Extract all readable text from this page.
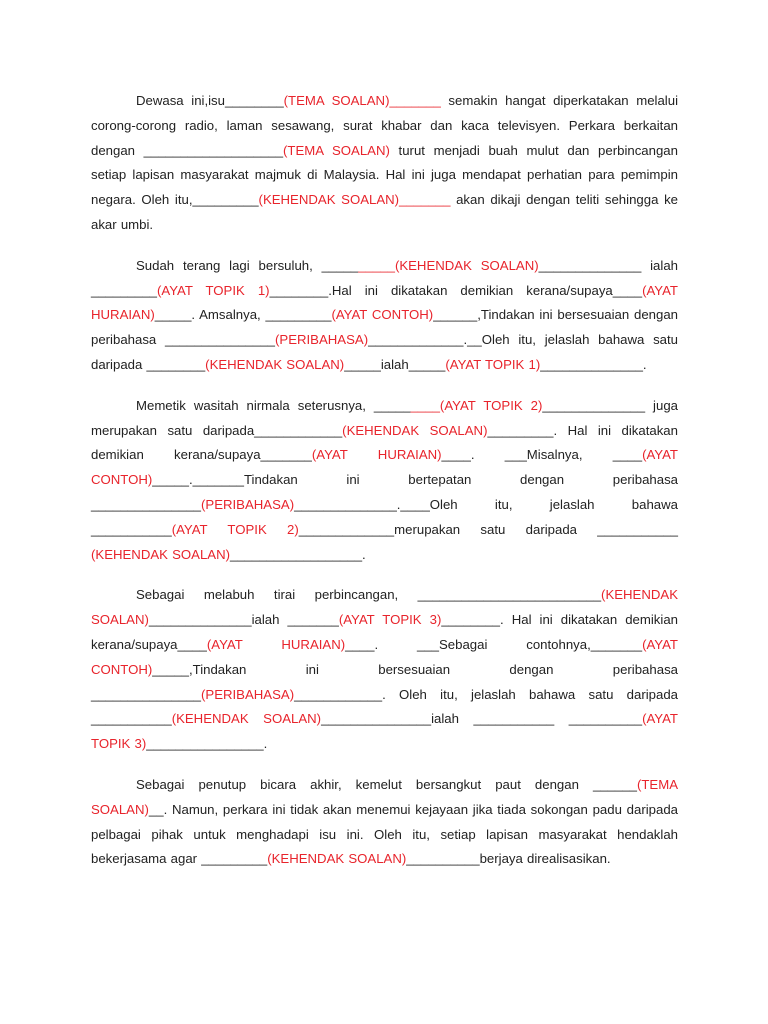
Dewasa ini,isu________(TEMA SOALAN)_______ semakin hangat diperkatakan melalui corong-corong radio, laman sesawang, surat khabar dan kaca televisyen. Perkara berkaitan dengan ___________________(TEMA SOALAN) turut menjadi buah mulut dan perbincangan setiap lapisan masyarakat majmuk di Malaysia. Hal ini juga mendapat perhatian para pemimpin negara. Oleh itu,_________(KEHENDAK SOALAN)_______ akan dikaji dengan teliti sehingga ke akar umbi.

Sudah terang lagi bersuluh, __________(KEHENDAK SOALAN)______________ ialah _________(AYAT TOPIK 1)________.Hal ini dikatakan demikian kerana/supaya____(AYAT HURAIAN)_____. Amsalnya, _________(AYAT CONTOH)______,Tindakan ini bersesuaian dengan peribahasa _______________(PERIBAHASA)_____________.__Oleh itu, jelaslah bahawa satu daripada ________(KEHENDAK SOALAN)_____ialah_____(AYAT TOPIK 1)______________.

Memetik wasitah nirmala seterusnya, _________(AYAT TOPIK 2)______________ juga merupakan satu daripada____________(KEHENDAK SOALAN)_________. Hal ini dikatakan demikian kerana/supaya_______(AYAT HURAIAN)____. ___Misalnya, ____(AYAT CONTOH)_____._______Tindakan ini bertepatan dengan peribahasa _______________(PERIBAHASA)______________.____Oleh itu, jelaslah bahawa ___________(AYAT TOPIK 2)_____________merupakan satu daripada ___________ (KEHENDAK SOALAN)__________________.

Sebagai melabuh tirai perbincangan, _________________________(KEHENDAK SOALAN)______________ialah _______(AYAT TOPIK 3)________. Hal ini dikatakan demikian kerana/supaya____(AYAT HURAIAN)____. ___Sebagai contohnya,_______(AYAT CONTOH)_____,Tindakan ini bersesuaian dengan peribahasa _______________(PERIBAHASA)____________. Oleh itu, jelaslah bahawa satu daripada ___________(KEHENDAK SOALAN)_______________ialah ___________ __________(AYAT TOPIK 3)________________.

Sebagai penutup bicara akhir, kemelut bersangkut paut dengan ______(TEMA SOALAN)__. Namun, perkara ini tidak akan menemui kejayaan jika tiada sokongan padu daripada pelbagai pihak untuk menghadapi isu ini. Oleh itu, setiap lapisan masyarakat hendaklah bekerjasama agar _________(KEHENDAK SOALAN)__________berjaya direalisasikan.
